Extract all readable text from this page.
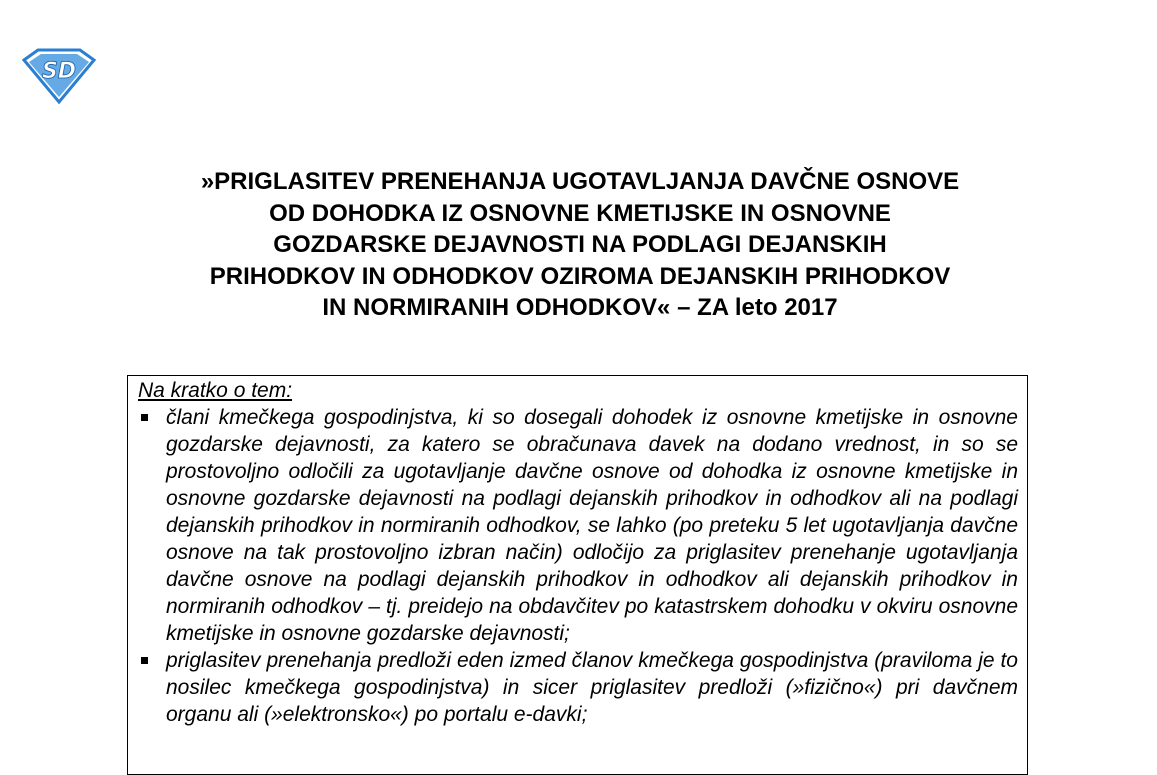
SD
»PRIGLASITEV PRENEHANJA UGOTAVLJANJA DAVČNE OSNOVE
OD DOHODKA IZ OSNOVNE KMETIJSKE IN OSNOVNE
GOZDARSKE DEJAVNOSTI NA PODLAGI DEJANSKIH
PRIHODKOV IN ODHODKOV OZIROMA DEJANSKIH PRIHODKOV
IN NORMIRANIH ODHODKOV« – ZA leto 2017

Na kratko o tem:

člani kmečkega gospodinjstva, ki so dosegali dohodek iz osnovne kmetijske in osnovne gozdarske dejavnosti, za katero se obračunava davek na dodano vrednost, in so se prostovoljno odločili za ugotavljanje davčne osnove od dohodka iz osnovne kmetijske in osnovne gozdarske dejavnosti na podlagi dejanskih prihodkov in odhodkov ali na podlagi dejanskih prihodkov in normiranih odhodkov, se lahko (po preteku 5 let ugotavljanja davčne osnove na tak prostovoljno izbran način) odločijo za priglasitev prenehanje ugotavljanja davčne osnove na podlagi dejanskih prihodkov in odhodkov ali dejanskih prihodkov in normiranih odhodkov – tj. preidejo na obdavčitev po katastrskem dohodku v okviru osnovne kmetijske in osnovne gozdarske dejavnosti;
priglasitev prenehanja predloži eden izmed članov kmečkega gospodinjstva (praviloma je to nosilec kmečkega gospodinjstva) in sicer priglasitev predloži (»fizično«) pri davčnem organu ali (»elektronsko«) po portalu e-davki;
